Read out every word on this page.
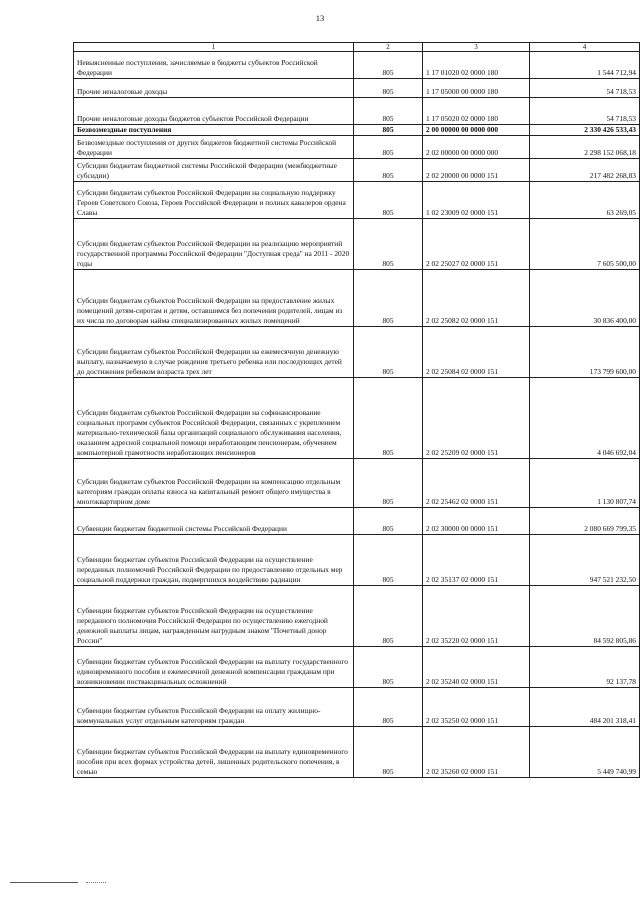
13
1	2	3	4
Невыясненные поступления, зачисляемые в бюджеты субъектов Российской Федерации	805	1 17 01020 02 0000 180	1 544 712,94
Прочие неналоговые доходы	805	1 17 05000 00 0000 180	54 718,53
Прочие неналоговые доходы бюджетов субъектов Российской Федерации	805	1 17 05020 02 0000 180	54 718,53
Безвозмездные поступления	805	2 00 00000 00 0000 000	2 330 426 533,43
Безвозмездные поступления от других бюджетов бюджетной системы Российской Федерации	805	2 02 00000 00 0000 000	2 298 152 068,18
Субсидии бюджетам бюджетной системы Российской Федерации (межбюджетные субсидии)	805	2 02 20000 00 0000 151	217 482 268,83
Субсидии бюджетам субъектов Российской Федерации на социальную поддержку Героев Советского Союза, Героев Российской Федерации и полных кавалеров ордена Славы	805	1 02 23009 02 0000 151	63 269,05
Субсидии бюджетам субъектов Российской Федерации на реализацию мероприятий государственной программы Российской Федерации "Доступная среда" на 2011 - 2020 годы	805	2 02 25027 02 0000 151	7 605 500,00
Субсидии бюджетам субъектов Российской Федерации на предоставление жилых помещений детям-сиротам и детям, оставшимся без попечения родителей, лицам из их числа по договорам найма специализированных жилых помещений	805	2 02 25082 02 0000 151	30 836 400,00
Субсидии бюджетам субъектов Российской Федерации на ежемесячную денежную выплату, назначаемую в случае рождения третьего ребенка или последующих детей до достижения ребенком возраста трех лет	805	2 02 25084 02 0000 151	173 799 600,00
Субсидии бюджетам субъектов Российской Федерации на софинансирование социальных программ субъектов Российской Федерации, связанных с укреплением материально-технической базы организаций социального обслуживания населения, оказанием адресной социальной помощи неработающим пенсионерам, обучением компьютерной грамотности неработающих пенсионеров	805	2 02 25209 02 0000 151	4 046 692,04
Субсидии бюджетам субъектов Российской Федерации на компенсацию отдельным категориям граждан оплаты взноса на капитальный ремонт общего имущества в многоквартирном доме	805	2 02 25462 02 0000 151	1 130 807,74
Субвенции бюджетам бюджетной системы Российской Федерации	805	2 02 30000 00 0000 151	2 080 669 799,35
Субвенции бюджетам субъектов Российской Федерации на осуществление переданных полномочий Российской Федерации по предоставлению отдельных мер социальной поддержки граждан, подвергшихся воздействию радиации	805	2 02 35137 02 0000 151	947 521 232,50
Субвенции бюджетам субъектов Российской Федерации на осуществление переданного полномочия Российской Федерации по осуществлению ежегодной денежной выплаты лицам, награжденным нагрудным знаком "Почетный донор России"	805	2 02 35220 02 0000 151	84 592 805,86
Субвенции бюджетам субъектов Российской Федерации на выплату государственного единовременного пособия и ежемесячной денежной компенсации гражданам при возникновении поствакцинальных осложнений	805	2 02 35240 02 0000 151	92 137,78
Субвенции бюджетам субъектов Российской Федерации на оплату жилищно-коммунальных услуг отдельным категориям граждан	805	2 02 35250 02 0000 151	484 201 318,41
Субвенции бюджетам субъектов Российской Федерации на выплату единовременного пособия при всех формах устройства детей, лишенных родительского попечения, в семью	805	2 02 35260 02 0000 151	5 449 740,99
